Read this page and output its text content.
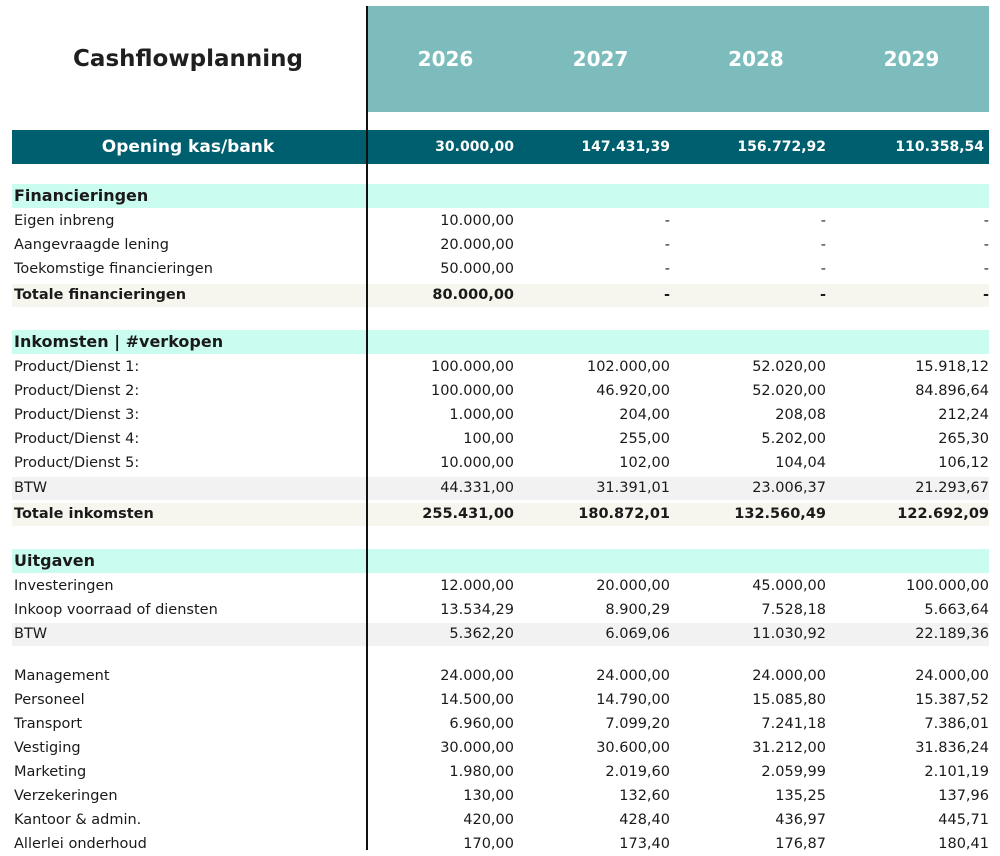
Cashflowplanning	2026	2027	2028	2029
Opening kas/bank	30.000,00	147.431,39	156.772,92	110.358,54
Financieringen
Eigen inbreng	10.000,00	-	-	-
Aangevraagde lening	20.000,00	-	-	-
Toekomstige financieringen	50.000,00	-	-	-
Totale financieringen	80.000,00	-	-	-
Inkomsten | #verkopen
Product/Dienst 1:	100.000,00	102.000,00	52.020,00	15.918,12
Product/Dienst 2:	100.000,00	46.920,00	52.020,00	84.896,64
Product/Dienst 3:	1.000,00	204,00	208,08	212,24
Product/Dienst 4:	100,00	255,00	5.202,00	265,30
Product/Dienst 5:	10.000,00	102,00	104,04	106,12
BTW	44.331,00	31.391,01	23.006,37	21.293,67
Totale inkomsten	255.431,00	180.872,01	132.560,49	122.692,09
Uitgaven
Investeringen	12.000,00	20.000,00	45.000,00	100.000,00
Inkoop voorraad of diensten	13.534,29	8.900,29	7.528,18	5.663,64
BTW	5.362,20	6.069,06	11.030,92	22.189,36
Management	24.000,00	24.000,00	24.000,00	24.000,00
Personeel	14.500,00	14.790,00	15.085,80	15.387,52
Transport	6.960,00	7.099,20	7.241,18	7.386,01
Vestiging	30.000,00	30.600,00	31.212,00	31.836,24
Marketing	1.980,00	2.019,60	2.059,99	2.101,19
Verzekeringen	130,00	132,60	135,25	137,96
Kantoor & admin.	420,00	428,40	436,97	445,71
Allerlei onderhoud	170,00	173,40	176,87	180,41
